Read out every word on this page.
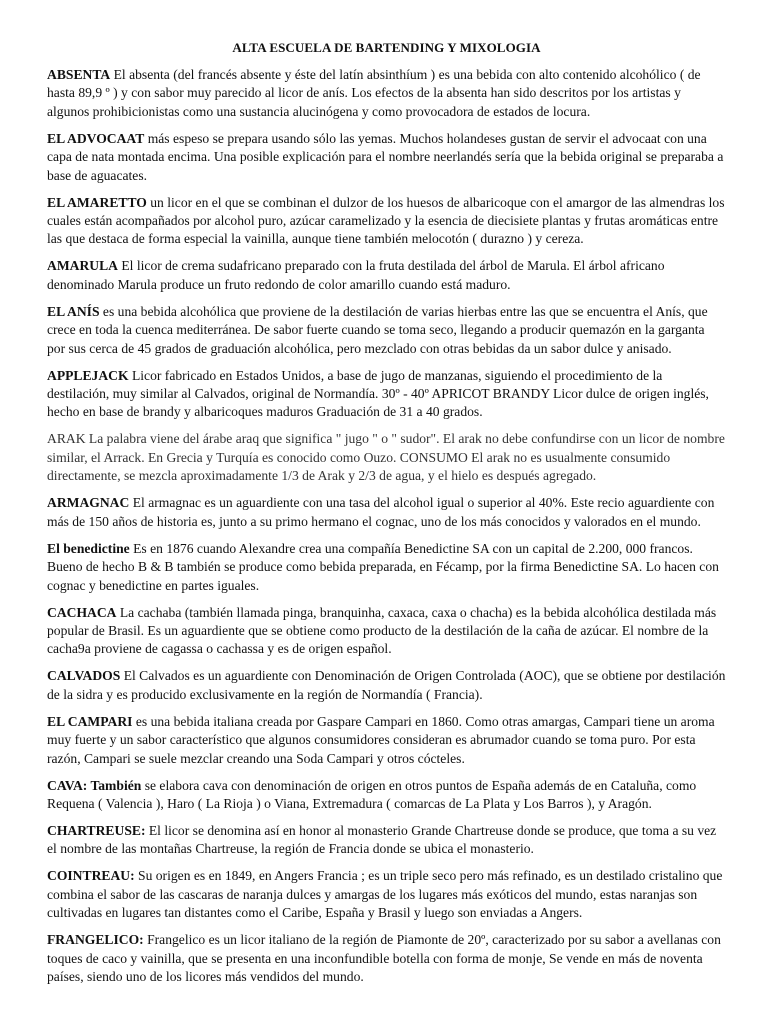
ALTA ESCUELA DE BARTENDING Y MIXOLOGIA

ABSENTA El absenta (del francés absente y éste del latín absinthíum ) es una bebida con alto contenido alcohólico ( de hasta 89,9 º ) y con sabor muy parecido al licor de anís. Los efectos de la absenta han sido descritos por los artistas y algunos prohibicionistas como una sustancia alucinógena y como provocadora de estados de locura.

EL ADVOCAAT más espeso se prepara usando sólo las yemas. Muchos holandeses gustan de servir el advocaat con una capa de nata montada encima. Una posible explicación para el nombre neerlandés sería que la bebida original se preparaba a base de aguacates.

EL AMARETTO un licor en el que se combinan el dulzor de los huesos de albaricoque con el amargor de las almendras los cuales están acompañados por alcohol puro, azúcar caramelizado y la esencia de diecisiete plantas y frutas aromáticas entre las que destaca de forma especial la vainilla, aunque tiene también melocotón ( durazno ) y cereza.

AMARULA El licor de crema sudafricano preparado con la fruta destilada del árbol de Marula. El árbol africano denominado Marula produce un fruto redondo de color amarillo cuando está maduro.

EL ANÍS es una bebida alcohólica que proviene de la destilación de varias hierbas entre las que se encuentra el Anís, que crece en toda la cuenca mediterránea. De sabor fuerte cuando se toma seco, llegando a producir quemazón en la garganta por sus cerca de 45 grados de graduación alcohólica, pero mezclado con otras bebidas da un sabor dulce y anisado.

APPLEJACK Licor fabricado en Estados Unidos, a base de jugo de manzanas, siguiendo el procedimiento de la destilación, muy similar al Calvados, original de Normandía. 30º - 40º APRICOT BRANDY Licor dulce de origen inglés, hecho en base de brandy y albaricoques maduros Graduación de 31 a 40 grados.

ARAK La palabra viene del árabe araq que significa " jugo " o " sudor". El arak no debe confundirse con un licor de nombre similar, el Arrack. En Grecia y Turquía es conocido como Ouzo. CONSUMO El arak no es usualmente consumido directamente, se mezcla aproximadamente 1/3 de Arak y 2/3 de agua, y el hielo es después agregado.

ARMAGNAC El armagnac es un aguardiente con una tasa del alcohol igual o superior al 40%. Este recio aguardiente con más de 150 años de historia es, junto a su primo hermano el cognac, uno de los más conocidos y valorados en el mundo.

El benedictine Es en 1876 cuando Alexandre crea una compañía Benedictine SA con un capital de 2.200, 000 francos. Bueno de hecho B & B también se produce como bebida preparada, en Fécamp, por la firma Benedictine SA. Lo hacen con cognac y benedictine en partes iguales.

CACHACA La cachaba (también llamada pinga, branquinha, caxaca, caxa o chacha) es la bebida alcohólica destilada más popular de Brasil. Es un aguardiente que se obtiene como producto de la destilación de la caña de azúcar. El nombre de la cacha9a proviene de cagassa o cachassa y es de origen español.

CALVADOS El Calvados es un aguardiente con Denominación de Origen Controlada (AOC), que se obtiene por destilación de la sidra y es producido exclusivamente en la región de Normandía ( Francia).

EL CAMPARI es una bebida italiana creada por Gaspare Campari en 1860. Como otras amargas, Campari tiene un aroma muy fuerte y un sabor característico que algunos consumidores consideran es abrumador cuando se toma puro. Por esta razón, Campari se suele mezclar creando una Soda Campari y otros cócteles.

CAVA: También se elabora cava con denominación de origen en otros puntos de España además de en Cataluña, como Requena ( Valencia ), Haro ( La Rioja ) o Viana, Extremadura ( comarcas de La Plata y Los Barros ), y Aragón.

CHARTREUSE: El licor se denomina así en honor al monasterio Grande Chartreuse donde se produce, que toma a su vez el nombre de las montañas Chartreuse, la región de Francia donde se ubica el monasterio.

COINTREAU: Su origen es en 1849, en Angers Francia ; es un triple seco pero más refinado, es un destilado cristalino que combina el sabor de las cascaras de naranja dulces y amargas de los lugares más exóticos del mundo, estas naranjas son cultivadas en lugares tan distantes como el Caribe, España y Brasil y luego son enviadas a Angers.

FRANGELICO: Frangelico es un licor italiano de la región de Piamonte de 20º, caracterizado por su sabor a avellanas con toques de caco y vainilla, que se presenta en una inconfundible botella con forma de monje, Se vende en más de noventa países, siendo uno de los licores más vendidos del mundo.
